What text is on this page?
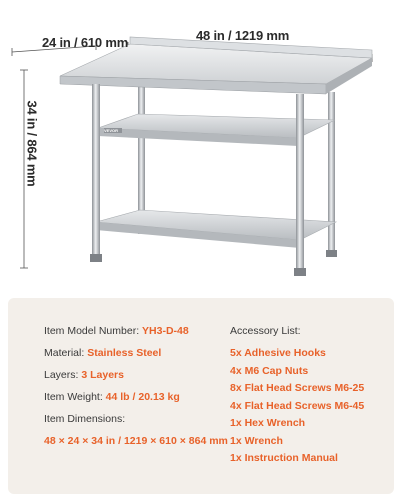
24 in / 610 mm	48 in / 1219 mm
34 in / 864 mm	VEVOR
Item Model Number: YH3-D-48
Material: Stainless Steel
Layers: 3 Layers
Item Weight: 44 lb / 20.13 kg
Item Dimensions:
48 × 24 × 34 in / 1219 × 610 × 864 mm
Accessory List:
5x Adhesive Hooks
4x M6 Cap Nuts
8x Flat Head Screws M6-25
4x Flat Head Screws M6-45
1x Hex Wrench
1x Wrench
1x Instruction Manual
